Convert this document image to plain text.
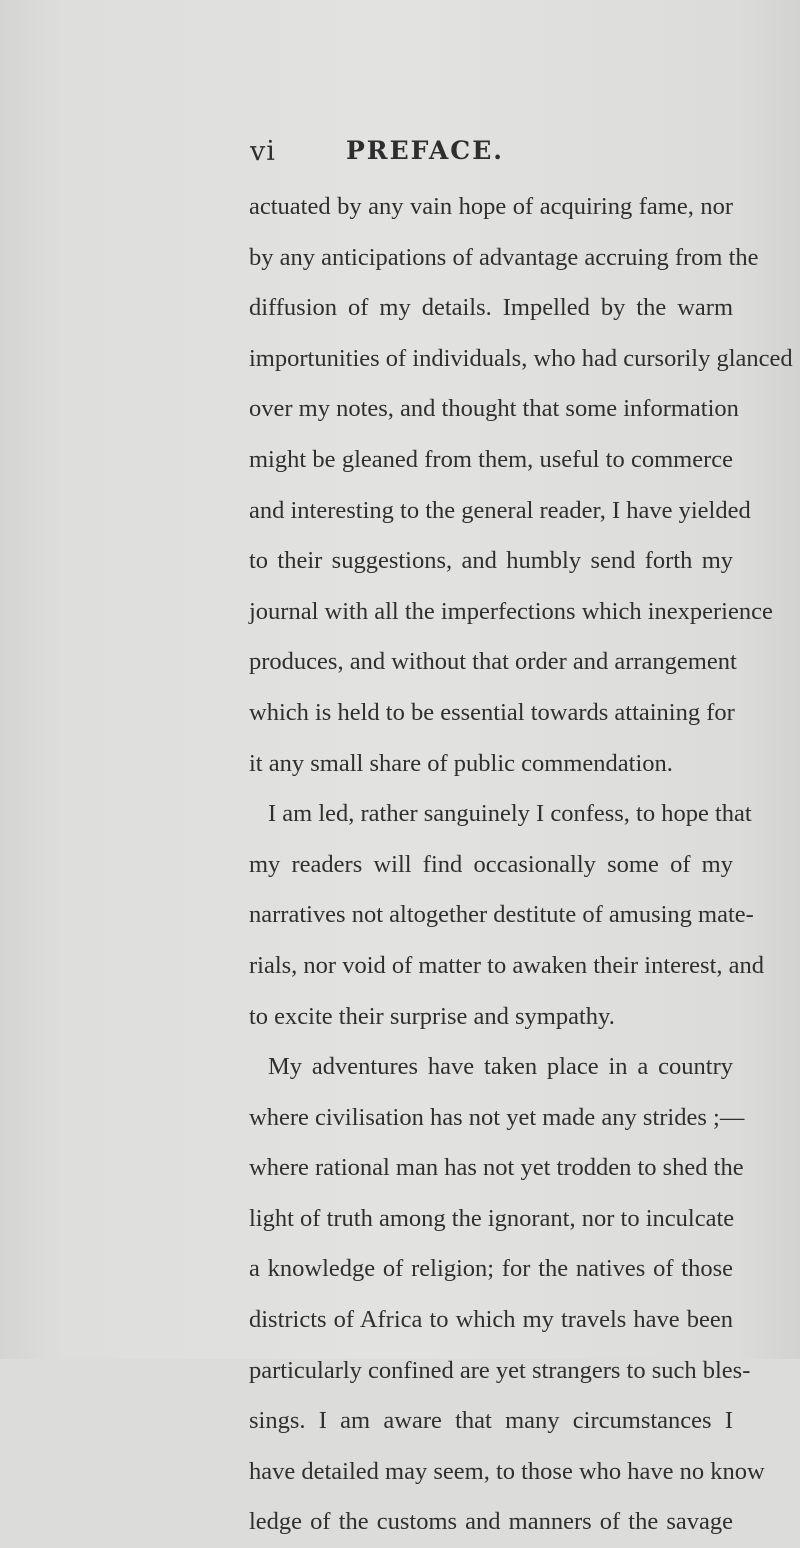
vi	PREFACE.
actuated by any vain hope of acquiring fame, nor
by any anticipations of advantage accruing from the
diffusion of my details. Impelled by the warm
importunities of individuals, who had cursorily glanced
over my notes, and thought that some information
might be gleaned from them, useful to commerce
and interesting to the general reader, I have yielded
to their suggestions, and humbly send forth my
journal with all the imperfections which inexperience
produces, and without that order and arrangement
which is held to be essential towards attaining for
it any small share of public commendation.
I am led, rather sanguinely I confess, to hope that
my readers will find occasionally some of my
narratives not altogether destitute of amusing mate-
rials, nor void of matter to awaken their interest, and
to excite their surprise and sympathy.
My adventures have taken place in a country
where civilisation has not yet made any strides ;—
where rational man has not yet trodden to shed the
light of truth among the ignorant, nor to inculcate
a knowledge of religion; for the natives of those
districts of Africa to which my travels have been
particularly confined are yet strangers to such bles-
sings. I am aware that many circumstances I
have detailed may seem, to those who have no know
ledge of the customs and manners of the savage
